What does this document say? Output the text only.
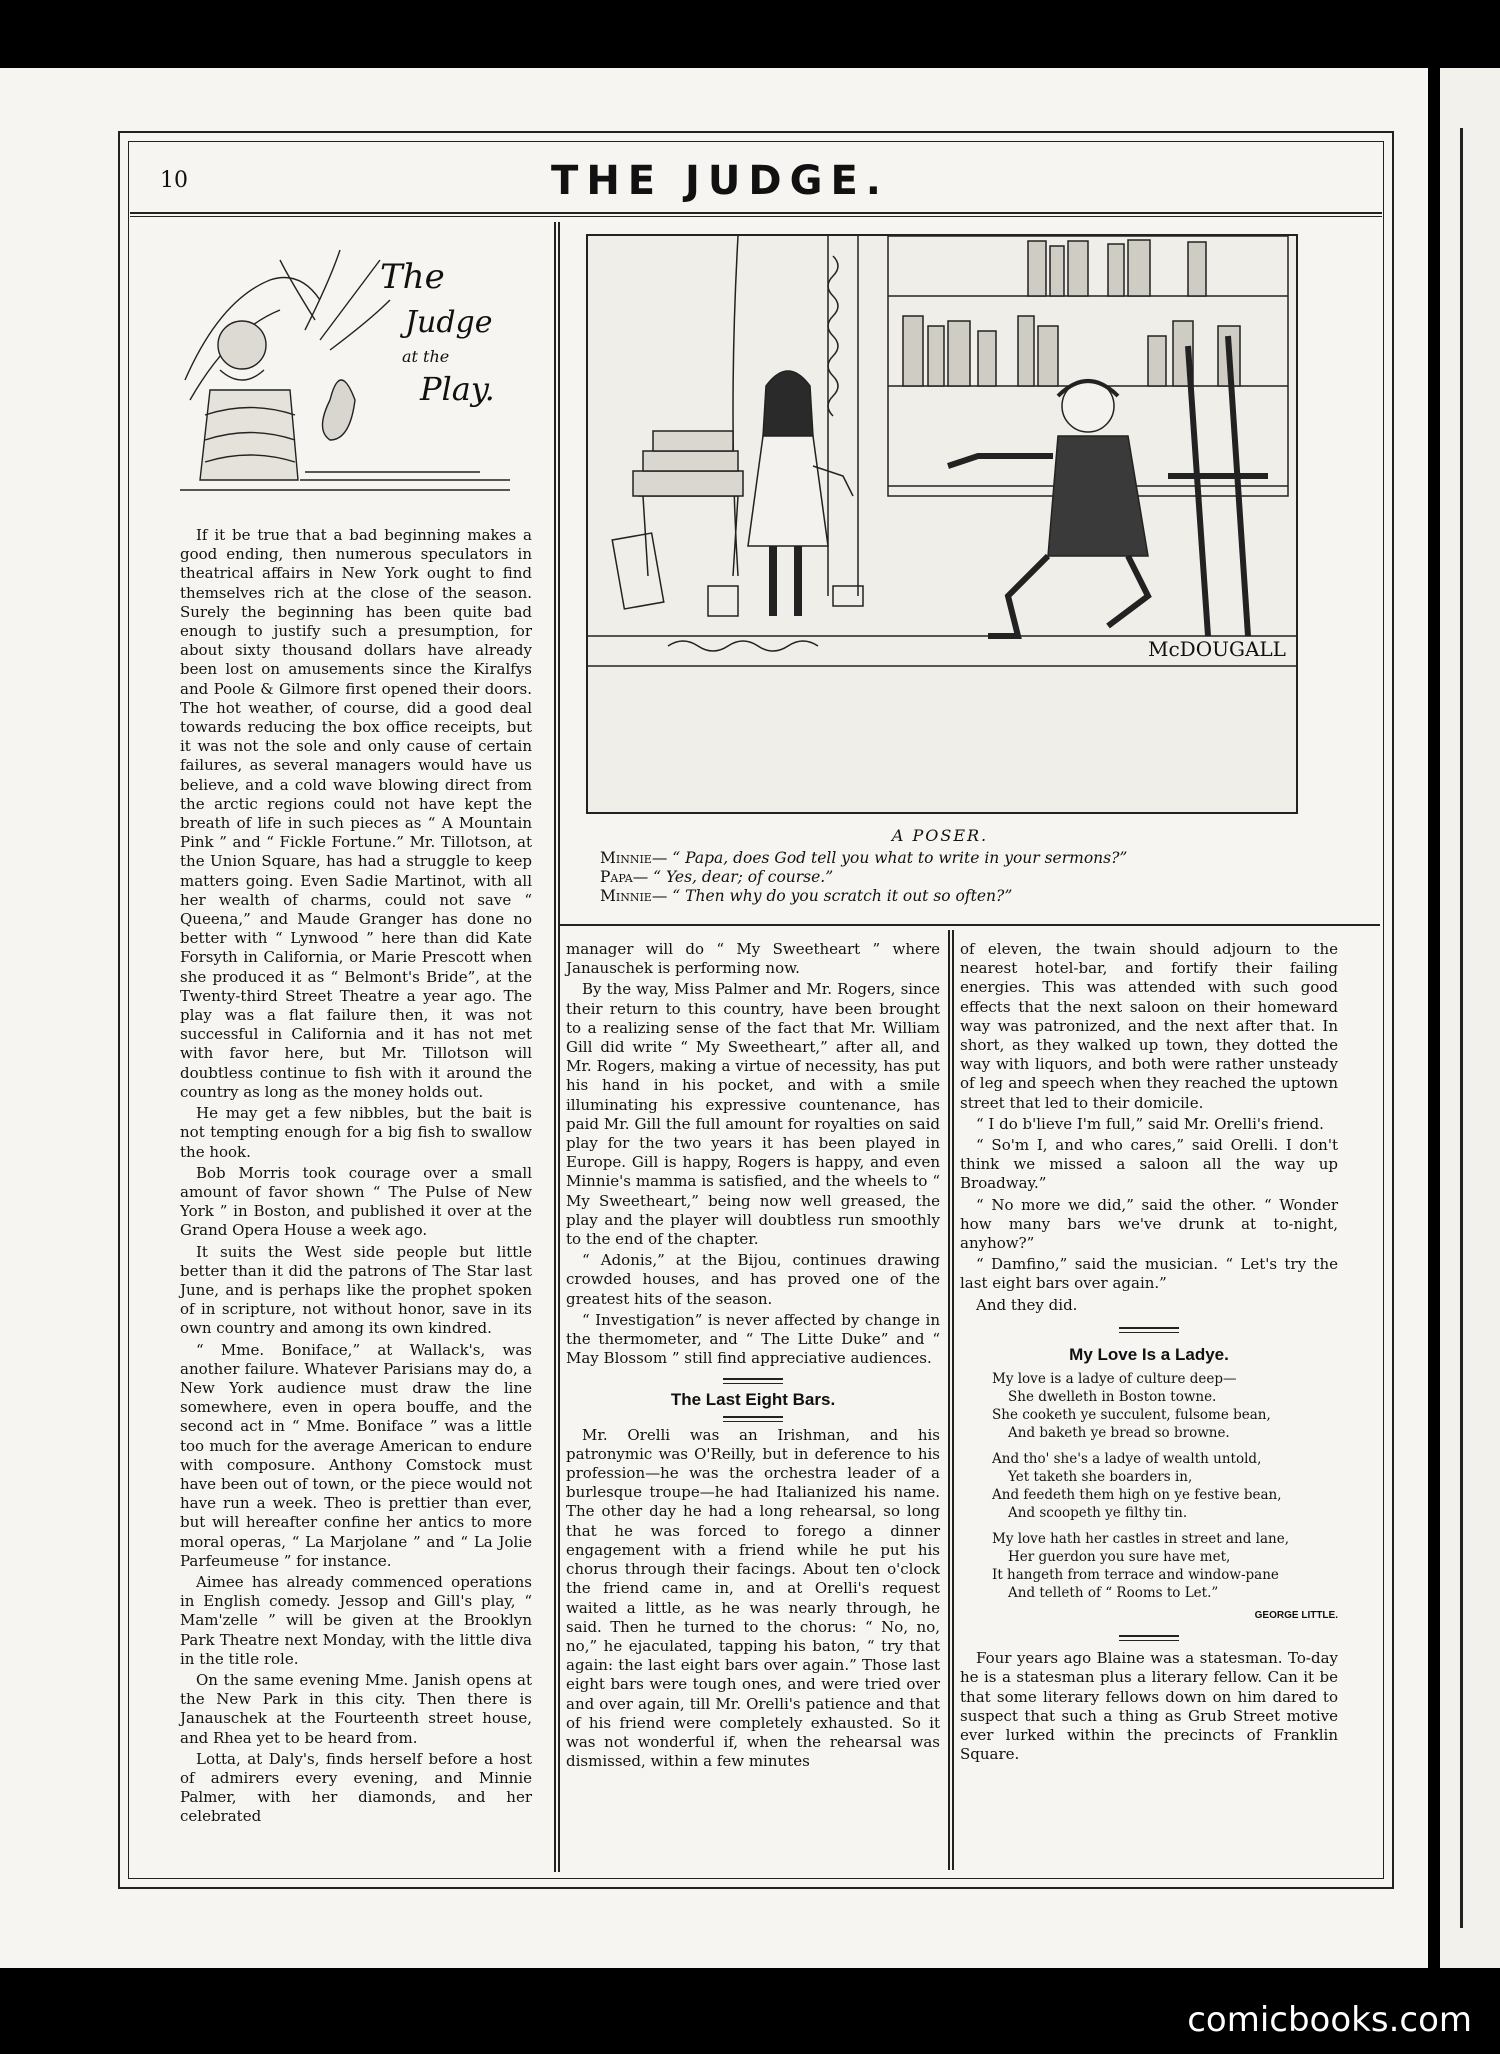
10	THE JUDGE.
The
Judge
at the
Play.
McDOUGALL
A POSER.
Minnie— “ Papa, does God tell you what to write in your sermons?”
Papa— “ Yes, dear; of course.”
Minnie— “ Then why do you scratch it out so often?”

If it be true that a bad beginning makes a good ending, then numerous speculators in theatrical affairs in New York ought to find themselves rich at the close of the season. Surely the beginning has been quite bad enough to justify such a presumption, for about sixty thousand dollars have already been lost on amusements since the Kiralfys and Poole & Gilmore first opened their doors. The hot weather, of course, did a good deal towards reducing the box office receipts, but it was not the sole and only cause of certain failures, as several managers would have us believe, and a cold wave blowing direct from the arctic regions could not have kept the breath of life in such pieces as “ A Mountain Pink ” and “ Fickle Fortune.” Mr. Tillotson, at the Union Square, has had a struggle to keep matters going. Even Sadie Martinot, with all her wealth of charms, could not save “ Queena,” and Maude Granger has done no better with “ Lynwood ” here than did Kate Forsyth in California, or Marie Prescott when she produced it as “ Belmont's Bride”, at the Twenty-third Street Theatre a year ago. The play was a flat failure then, it was not successful in California and it has not met with favor here, but Mr. Tillotson will doubtless continue to fish with it around the country as long as the money holds out.

He may get a few nibbles, but the bait is not tempting enough for a big fish to swallow the hook.

Bob Morris took courage over a small amount of favor shown “ The Pulse of New York ” in Boston, and published it over at the Grand Opera House a week ago.

It suits the West side people but little better than it did the patrons of The Star last June, and is perhaps like the prophet spoken of in scripture, not without honor, save in its own country and among its own kindred.

“ Mme. Boniface,” at Wallack's, was another failure. Whatever Parisians may do, a New York audience must draw the line somewhere, even in opera bouffe, and the second act in “ Mme. Boniface ” was a little too much for the average American to endure with composure. Anthony Comstock must have been out of town, or the piece would not have run a week. Theo is prettier than ever, but will hereafter confine her antics to more moral operas, “ La Marjolane ” and “ La Jolie Parfeumeuse ” for instance.

Aimee has already commenced operations in English comedy. Jessop and Gill's play, “ Mam'zelle ” will be given at the Brooklyn Park Theatre next Monday, with the little diva in the title role.

On the same evening Mme. Janish opens at the New Park in this city. Then there is Janauschek at the Fourteenth street house, and Rhea yet to be heard from.

Lotta, at Daly's, finds herself before a host of admirers every evening, and Minnie Palmer, with her diamonds, and her celebrated

manager will do “ My Sweetheart ” where Janauschek is performing now.

By the way, Miss Palmer and Mr. Rogers, since their return to this country, have been brought to a realizing sense of the fact that Mr. William Gill did write “ My Sweetheart,” after all, and Mr. Rogers, making a virtue of necessity, has put his hand in his pocket, and with a smile illuminating his expressive countenance, has paid Mr. Gill the full amount for royalties on said play for the two years it has been played in Europe. Gill is happy, Rogers is happy, and even Minnie's mamma is satisfied, and the wheels to “ My Sweetheart,” being now well greased, the play and the player will doubtless run smoothly to the end of the chapter.

“ Adonis,” at the Bijou, continues drawing crowded houses, and has proved one of the greatest hits of the season.

“ Investigation” is never affected by change in the thermometer, and “ The Litte Duke” and “ May Blossom ” still find appreciative audiences.

The Last Eight Bars.

Mr. Orelli was an Irishman, and his patronymic was O'Reilly, but in deference to his profession—he was the orchestra leader of a burlesque troupe—he had Italianized his name. The other day he had a long rehearsal, so long that he was forced to forego a dinner engagement with a friend while he put his chorus through their facings. About ten o'clock the friend came in, and at Orelli's request waited a little, as he was nearly through, he said. Then he turned to the chorus: “ No, no, no,” he ejaculated, tapping his baton, “ try that again: the last eight bars over again.” Those last eight bars were tough ones, and were tried over and over again, till Mr. Orelli's patience and that of his friend were completely exhausted. So it was not wonderful if, when the rehearsal was dismissed, within a few minutes

of eleven, the twain should adjourn to the nearest hotel-bar, and fortify their failing energies. This was attended with such good effects that the next saloon on their homeward way was patronized, and the next after that. In short, as they walked up town, they dotted the way with liquors, and both were rather unsteady of leg and speech when they reached the uptown street that led to their domicile.

“ I do b'lieve I'm full,” said Mr. Orelli's friend.

“ So'm I, and who cares,” said Orelli. I don't think we missed a saloon all the way up Broadway.”

“ No more we did,” said the other. “ Wonder how many bars we've drunk at to-night, anyhow?”

“ Damfino,” said the musician. “ Let's try the last eight bars over again.”

And they did.

My Love Is a Ladye.
My love is a ladye of culture deep—
She dwelleth in Boston towne.
She cooketh ye succulent, fulsome bean,
And baketh ye bread so browne.
And tho' she's a ladye of wealth untold,
Yet taketh she boarders in,
And feedeth them high on ye festive bean,
And scoopeth ye filthy tin.
My love hath her castles in street and lane,
Her guerdon you sure have met,
It hangeth from terrace and window-pane
And telleth of “ Rooms to Let.”
GEORGE LITTLE.

Four years ago Blaine was a statesman. To-day he is a statesman plus a literary fellow. Can it be that some literary fellows down on him dared to suspect that such a thing as Grub Street motive ever lurked within the precincts of Franklin Square.

comicbooks.com
